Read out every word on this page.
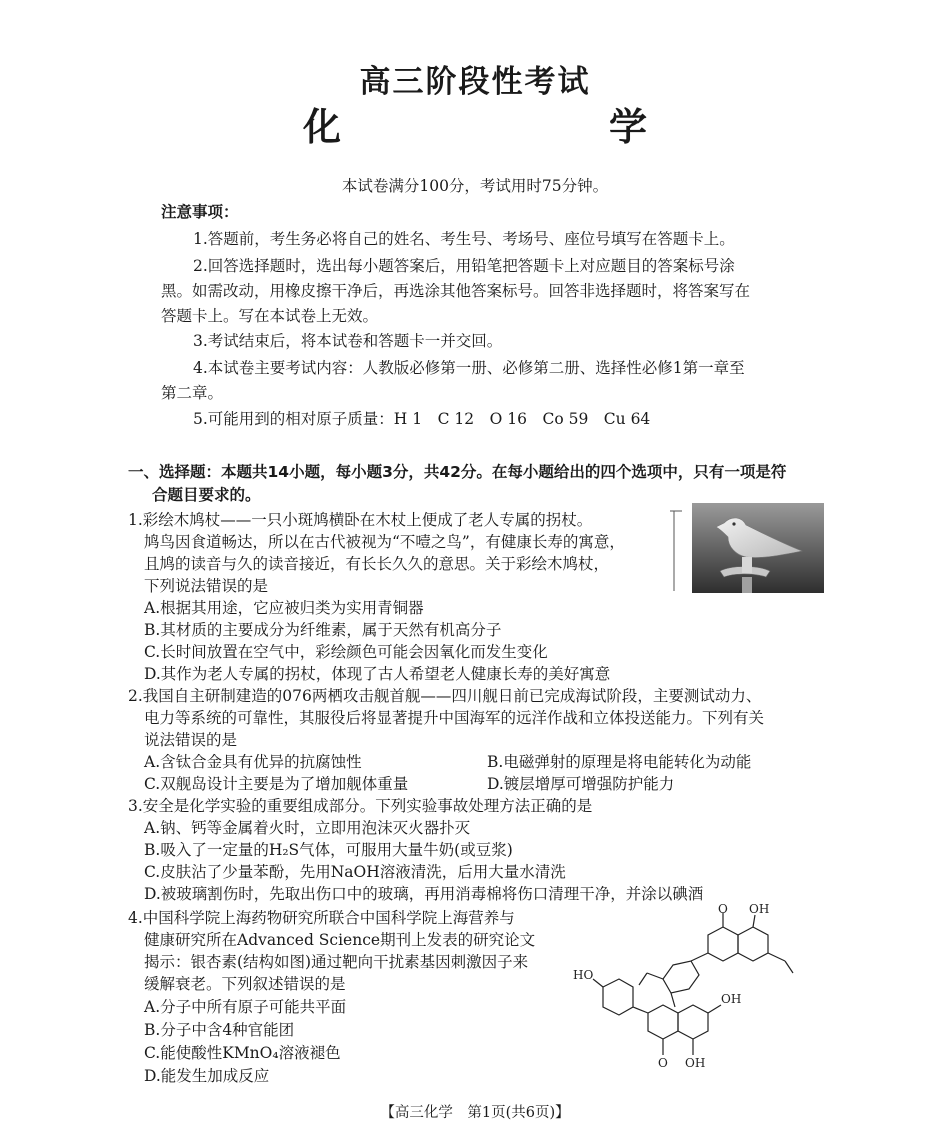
高三阶段性考试
化　　学
本试卷满分100分，考试用时75分钟。
注意事项：
1.答题前，考生务必将自己的姓名、考生号、考场号、座位号填写在答题卡上。
2.回答选择题时，选出每小题答案后，用铅笔把答题卡上对应题目的答案标号涂
黑。如需改动，用橡皮擦干净后，再选涂其他答案标号。回答非选择题时，将答案写在
答题卡上。写在本试卷上无效。
3.考试结束后，将本试卷和答题卡一并交回。
4.本试卷主要考试内容：人教版必修第一册、必修第二册、选择性必修1第一章至
第二章。
5.可能用到的相对原子质量：H 1　C 12　O 16　Co 59　Cu 64
一、选择题：本题共14小题，每小题3分，共42分。在每小题给出的四个选项中，只有一项是符
合题目要求的。
1.彩绘木鸠杖——一只小斑鸠横卧在木杖上便成了老人专属的拐杖。
鸠鸟因食道畅达，所以在古代被视为“不噎之鸟”，有健康长寿的寓意，
且鸠的读音与久的读音接近，有长长久久的意思。关于彩绘木鸠杖，
下列说法错误的是
A.根据其用途，它应被归类为实用青铜器
B.其材质的主要成分为纤维素，属于天然有机高分子
C.长时间放置在空气中，彩绘颜色可能会因氧化而发生变化
D.其作为老人专属的拐杖，体现了古人希望老人健康长寿的美好寓意
2.我国自主研制建造的076两栖攻击舰首舰——四川舰日前已完成海试阶段，主要测试动力、
电力等系统的可靠性，其服役后将显著提升中国海军的远洋作战和立体投送能力。下列有关
说法错误的是
A.含钛合金具有优异的抗腐蚀性	B.电磁弹射的原理是将电能转化为动能
C.双舰岛设计主要是为了增加舰体重量	D.镀层增厚可增强防护能力
3.安全是化学实验的重要组成部分。下列实验事故处理方法正确的是
A.钠、钙等金属着火时，立即用泡沫灭火器扑灭
B.吸入了一定量的H₂S气体，可服用大量牛奶(或豆浆)
C.皮肤沾了少量苯酚，先用NaOH溶液清洗，后用大量水清洗
D.被玻璃割伤时，先取出伤口中的玻璃，再用消毒棉将伤口清理干净，并涂以碘酒
4.中国科学院上海药物研究所联合中国科学院上海营养与
健康研究所在Advanced Science期刊上发表的研究论文
揭示：银杏素(结构如图)通过靶向干扰素基因刺激因子来
缓解衰老。下列叙述错误的是
A.分子中所有原子可能共平面
B.分子中含4种官能团
C.能使酸性KMnO₄溶液褪色
D.能发生加成反应
O OH
HO
OH
O OH
【高三化学　第1页(共6页)】
